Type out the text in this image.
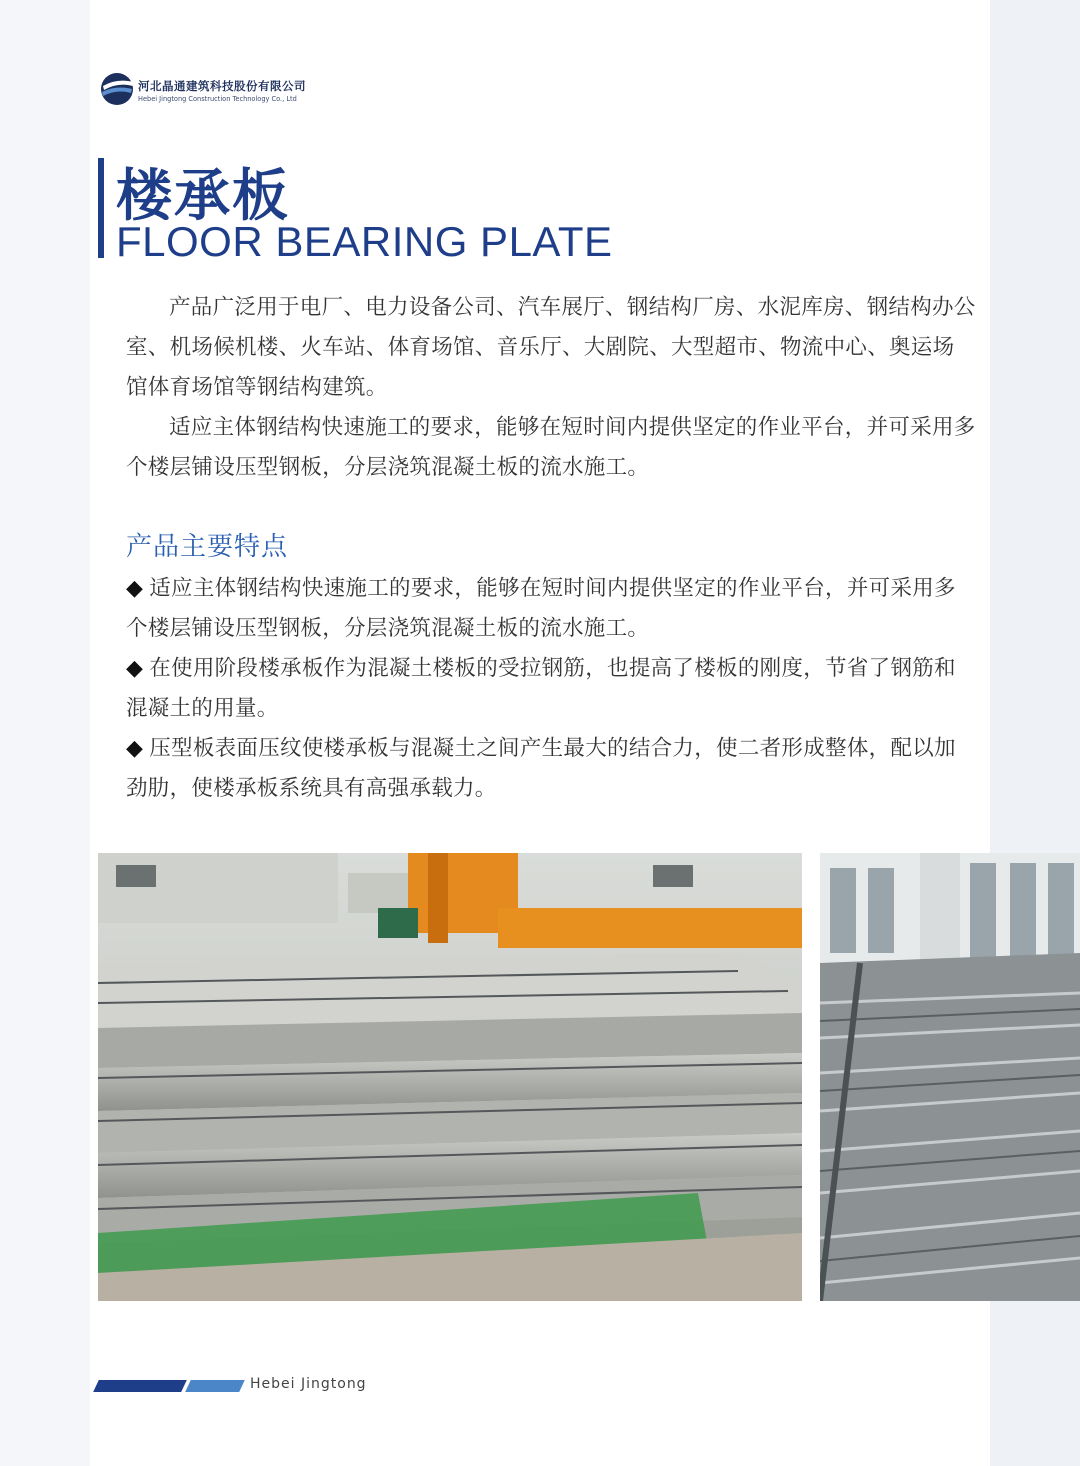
河北晶通建筑科技股份有限公司
Hebei Jingtong Construction Technology Co., Ltd
楼承板
FLOOR BEARING PLATE

产品广泛用于电厂、电力设备公司、汽车展厅、钢结构厂房、水泥库房、钢结构办公室、机场候机楼、火车站、体育场馆、音乐厅、大剧院、大型超市、物流中心、奥运场馆体育场馆等钢结构建筑。

适应主体钢结构快速施工的要求，能够在短时间内提供坚定的作业平台，并可采用多个楼层铺设压型钢板，分层浇筑混凝土板的流水施工。

产品主要特点

◆ 适应主体钢结构快速施工的要求，能够在短时间内提供坚定的作业平台，并可采用多个楼层铺设压型钢板，分层浇筑混凝土板的流水施工。

◆ 在使用阶段楼承板作为混凝土楼板的受拉钢筋，也提高了楼板的刚度，节省了钢筋和混凝土的用量。

◆ 压型板表面压纹使楼承板与混凝土之间产生最大的结合力，使二者形成整体，配以加劲肋，使楼承板系统具有高强承载力。

Hebei Jingtong
